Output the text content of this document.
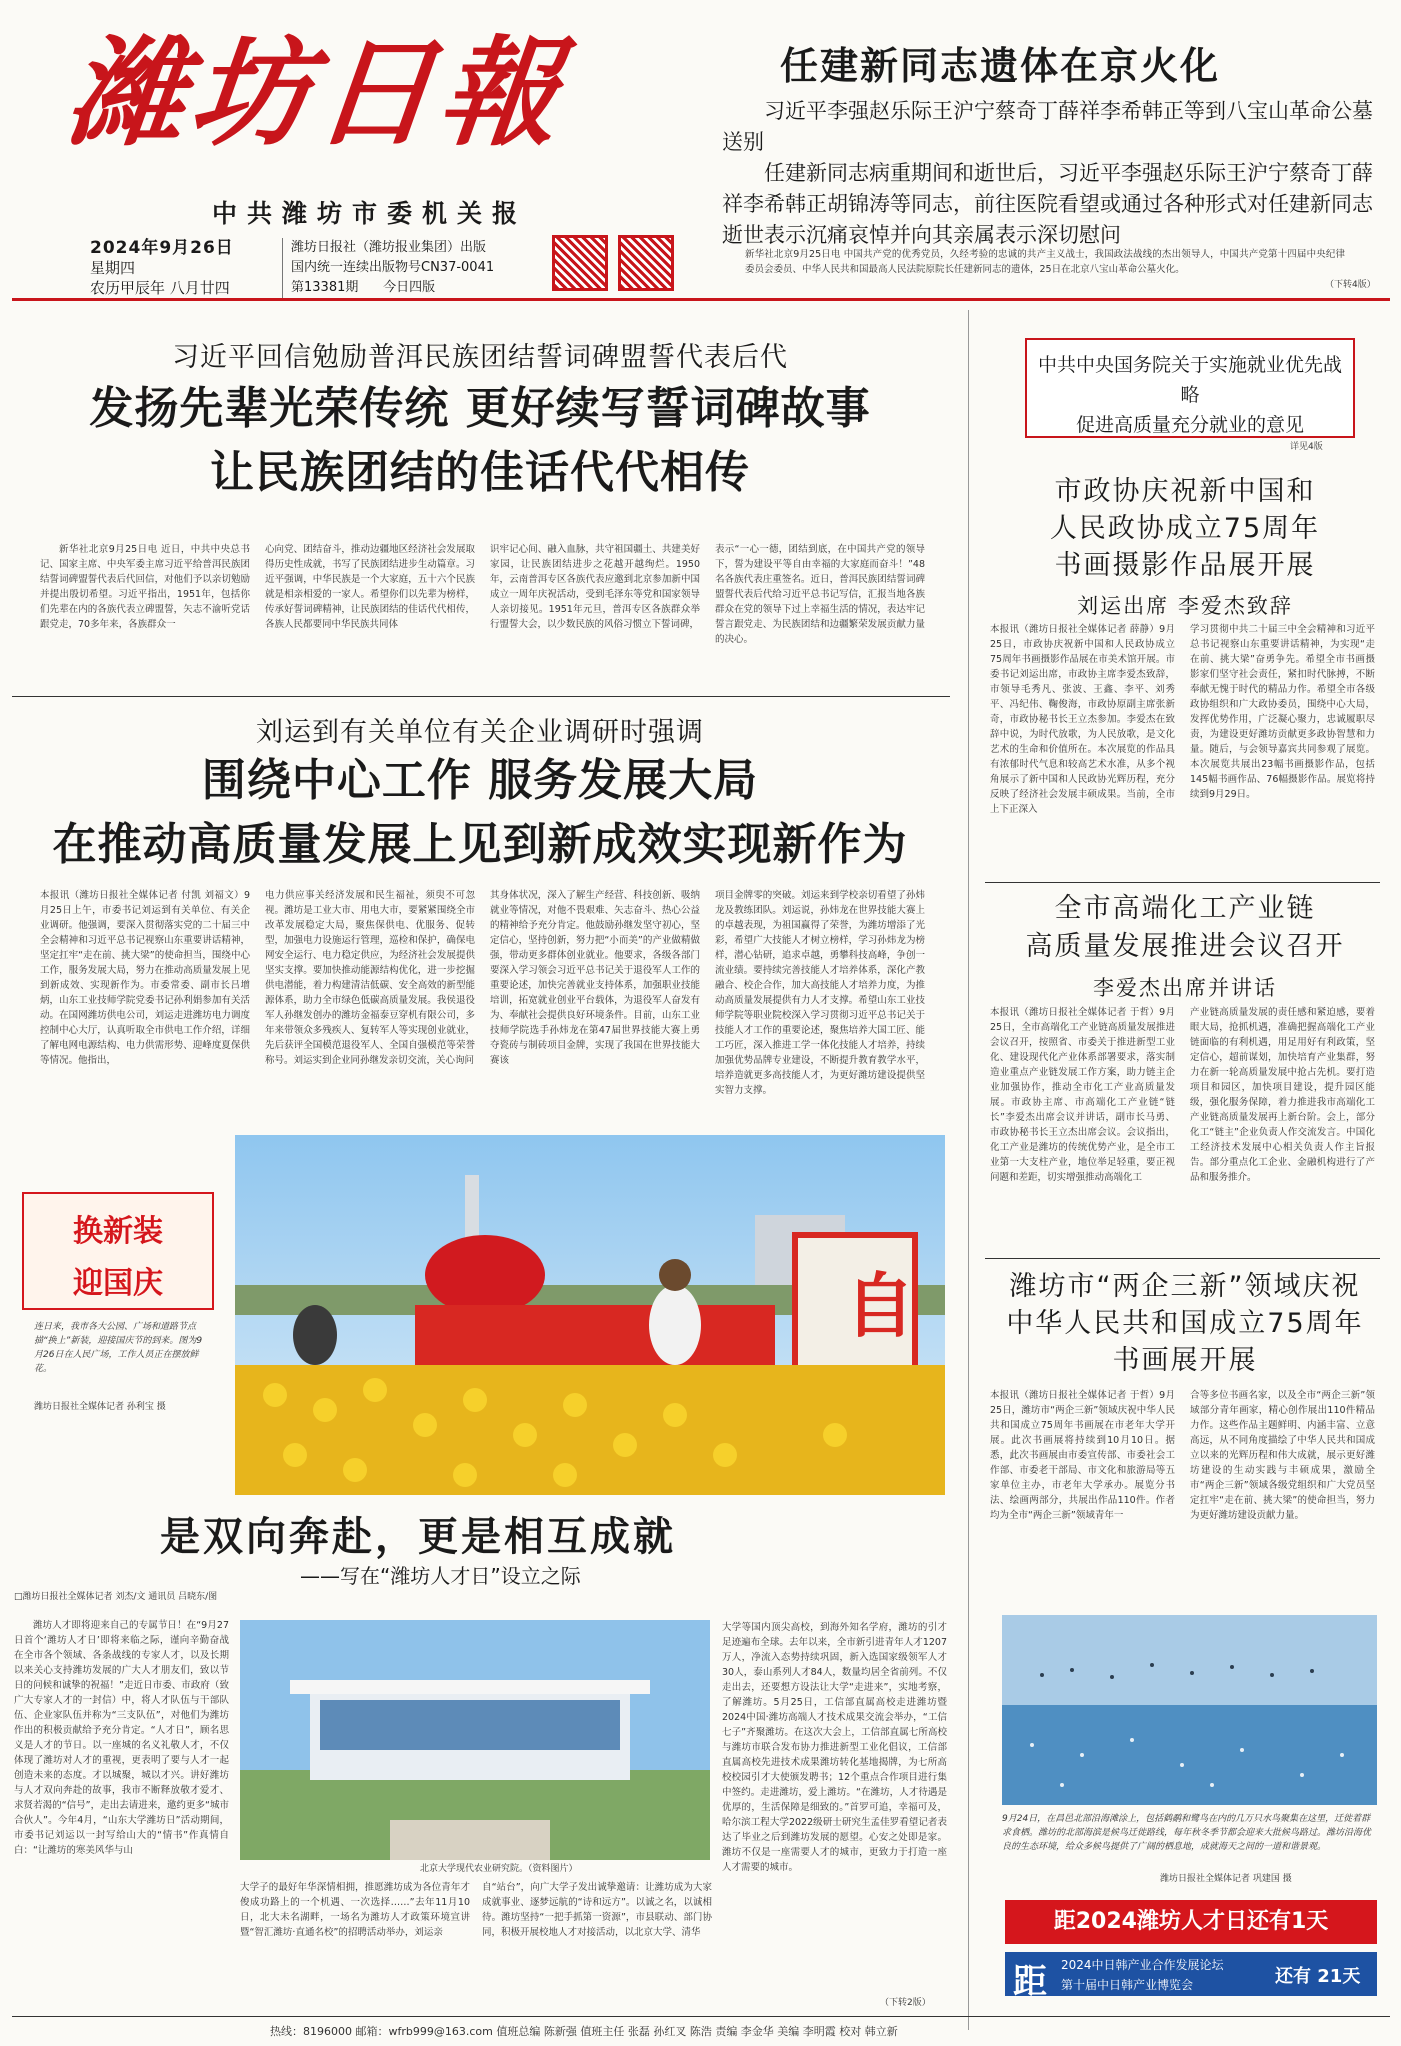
濰坊日報
中共潍坊市委机关报
2024年9月26日
星期四
农历甲辰年 八月廿四
潍坊日报社（潍坊报业集团）出版
国内统一连续出版物号CN37-0041
第13381期 今日四版
任建新同志遗体在京火化
习近平李强赵乐际王沪宁蔡奇丁薛祥李希韩正等到八宝山革命公墓送别
任建新同志病重期间和逝世后，习近平李强赵乐际王沪宁蔡奇丁薛祥李希韩正胡锦涛等同志，前往医院看望或通过各种形式对任建新同志逝世表示沉痛哀悼并向其亲属表示深切慰问
新华社北京9月25日电 中国共产党的优秀党员，久经考验的忠诚的共产主义战士，我国政法战线的杰出领导人，中国共产党第十四届中央纪律委员会委员、中华人民共和国最高人民法院原院长任建新同志的遗体，25日在北京八宝山革命公墓火化。
（下转4版）
习近平回信勉励普洱民族团结誓词碑盟誓代表后代
发扬先辈光荣传统 更好续写誓词碑故事
让民族团结的佳话代代相传
新华社北京9月25日电 近日，中共中央总书记、国家主席、中央军委主席习近平给普洱民族团结誓词碑盟誓代表后代回信，对他们予以亲切勉励并提出殷切希望。习近平指出，1951年，包括你们先辈在内的各族代表立碑盟誓，矢志不渝听党话跟党走，70多年来，各族群众一
心向党、团结奋斗，推动边疆地区经济社会发展取得历史性成就，书写了民族团结进步生动篇章。习近平强调，中华民族是一个大家庭，五十六个民族就是相亲相爱的一家人。希望你们以先辈为榜样，传承好誓词碑精神，让民族团结的佳话代代相传，各族人民都要同中华民族共同体
识牢记心间、融入血脉，共守祖国疆土、共建美好家园，让民族团结进步之花越开越绚烂。1950年，云南普洱专区各族代表应邀到北京参加新中国成立一周年庆祝活动，受到毛泽东等党和国家领导人亲切接见。1951年元旦，普洱专区各族群众举行盟誓大会，以少数民族的风俗习惯立下誓词碑，
表示“一心一德，团结到底，在中国共产党的领导下，誓为建设平等自由幸福的大家庭而奋斗！”48名各族代表庄重签名。近日，普洱民族团结誓词碑盟誓代表后代给习近平总书记写信，汇报当地各族群众在党的领导下过上幸福生活的情况，表达牢记誓言跟党走、为民族团结和边疆繁荣发展贡献力量的决心。
刘运到有关单位有关企业调研时强调
围绕中心工作 服务发展大局
在推动高质量发展上见到新成效实现新作为
本报讯（潍坊日报社全媒体记者 付凯 刘福文）9月25日上午，市委书记刘运到有关单位、有关企业调研。他强调，要深入贯彻落实党的二十届三中全会精神和习近平总书记视察山东重要讲话精神，坚定扛牢“走在前、挑大梁”的使命担当，围绕中心工作，服务发展大局，努力在推动高质量发展上见到新成效、实现新作为。市委常委、副市长吕增炳，山东工业技师学院党委书记孙利娟参加有关活动。在国网潍坊供电公司，刘运走进潍坊电力调度控制中心大厅，认真听取全市供电工作介绍，详细了解电网电源结构、电力供需形势、迎峰度夏保供等情况。他指出，
电力供应事关经济发展和民生福祉，须臾不可忽视。潍坊是工业大市、用电大市，要紧紧围绕全市改革发展稳定大局，聚焦保供电、优服务、促转型，加强电力设施运行管理，巡检和保护，确保电网安全运行、电力稳定供应，为经济社会发展提供坚实支撑。要加快推动能源结构优化，进一步挖掘供电潜能，着力构建清洁低碳、安全高效的新型能源体系，助力全市绿色低碳高质量发展。我侯退役军人孙继发创办的潍坊金福泰豆穿机有限公司，多年来带领众多残疾人、复转军人等实现创业就业，先后获评全国模范退役军人、全国自强模范等荣誉称号。刘运实到企业同孙继发亲切交流，关心询问
其身体状况，深入了解生产经营、科技创新、吸纳就业等情况，对他不畏艰难、矢志奋斗、热心公益的精神给予充分肯定。他鼓励孙继发坚守初心，坚定信心，坚持创新，努力把“小而美”的产业做精做强，带动更多群体创业就业。他要求，各级各部门要深入学习领会习近平总书记关于退役军人工作的重要论述，加快完善就业支持体系，加强职业技能培训，拓宽就业创业平台载体，为退役军人奋发有为、奉献社会提供良好环境条件。目前，山东工业技师学院选手孙炜龙在第47届世界技能大赛上勇夺瓷砖与制砖项目金牌，实现了我国在世界技能大赛该
项目金牌零的突破。刘运来到学校亲切看望了孙炜龙及教练团队。刘运说，孙炜龙在世界技能大赛上的卓越表现，为祖国赢得了荣誉，为潍坊增添了光彩，希望广大技能人才树立榜样，学习孙炜龙为榜样，潜心钻研，追求卓越，勇攀科技高峰，争创一流业绩。要持续完善技能人才培养体系，深化产教融合、校企合作，加大高技能人才培养力度，为推动高质量发展提供有力人才支撑。希望山东工业技师学院等职业院校深入学习贯彻习近平总书记关于技能人才工作的重要论述，聚焦培养大国工匠、能工巧匠，深入推进工学一体化技能人才培养，持续加强优势品牌专业建设，不断提升教育教学水平，培养造就更多高技能人才，为更好潍坊建设提供坚实智力支撑。
换新装
迎国庆
连日来，我市各大公园、广场和道路节点描“换上”新装，迎接国庆节的到来。图为9月26日在人民广场，工作人员正在摆放鲜花。
潍坊日报社全媒体记者 孙利宝 摄
自
是双向奔赴，更是相互成就
——写在“潍坊人才日”设立之际
□潍坊日报社全媒体记者 刘杰/文 通讯员 吕晓东/图
潍坊人才即将迎来自己的专属节日！在“9月27日首个‘潍坊人才日’即将来临之际，谨向辛勤奋战在全市各个领域、各条战线的专家人才，以及长期以来关心支持潍坊发展的广大人才朋友们，致以节日的问候和诚挚的祝福！”走近日市委、市政府（致广大专家人才的一封信）中，将人才队伍与干部队伍、企业家队伍并称为“三支队伍”，对他们为潍坊作出的积极贡献给予充分肯定。“人才日”，顾名思义是人才的节日。以一座城的名义礼敬人才，不仅体现了潍坊对人才的重视，更表明了要与人才一起创造未来的态度。才以城聚，城以才兴。讲好潍坊与人才双向奔赴的故事，我市不断释放敬才爱才、求贤若渴的“信号”，走出去请进来，邀约更多“城市合伙人”。今年4月，“山东大学潍坊日”活动期间，市委书记刘运以一封写给山大的“情书”作真情自白：“让潍坊的寒美风华与山
北京大学现代农业研究院。（资料图片）
大学子的最好年华深情相拥，推愿潍坊成为各位青年才俊成功路上的一个机遇、一次选择……”去年11月10日，北大未名湖畔，一场名为潍坊人才政策环境宣讲暨“智汇潍坊·直通名校”的招聘活动举办，刘运亲
自“站台”，向广大学子发出诚挚邀请：让潍坊成为大家成就事业、逐梦远航的“诗和远方”。以诚之名，以诚相待。潍坊坚持“一把手抓第一资源”，市县联动、部门协同，积极开展校地人才对接活动，以北京大学、清华
大学等国内顶尖高校，到海外知名学府，潍坊的引才足迹遍布全球。去年以来，全市新引进青年人才1207万人，净流入态势持续巩固，新入选国家级领军人才30人，泰山系列人才84人，数量均居全省前列。不仅走出去，还要想方设法让大学“走进来”，实地考察，了解潍坊。5月25日，工信部直属高校走进潍坊暨2024中国·潍坊高端人才技术成果交流会举办，“工信七子”齐聚潍坊。在这次大会上，工信部直属七所高校与潍坊市联合发布协力推进新型工业化倡议，工信部直属高校先进技术成果潍坊转化基地揭牌，为七所高校校园引才大使颁发聘书；12个重点合作项目进行集中签约。走进潍坊，爱上潍坊。“在潍坊，人才待遇是优厚的，生活保障是细致的。”首罗可追，幸福可及，哈尔滨工程大学2022级研士研究生孟佳罗看望记者表达了毕业之后到潍坊发展的愿望。心安之处即是家。潍坊不仅是一座需要人才的城市，更致力于打造一座人才需要的城市。
（下转2版）
中共中央国务院关于实施就业优先战略
促进高质量充分就业的意见
详见4版
市政协庆祝新中国和
人民政协成立75周年
书画摄影作品展开展
刘运出席 李爱杰致辞
本报讯（潍坊日报社全媒体记者 薛静）9月25日，市政协庆祝新中国和人民政协成立75周年书画摄影作品展在市美术馆开展。市委书记刘运出席，市政协主席李爱杰致辞，市领导毛秀凡、张波、王鑫、李平、刘秀平、冯纪伟、鞠俊海，市政协原副主席张新奇，市政协秘书长王立杰参加。李爱杰在致辞中说，为时代放歌，为人民放歌，是文化艺术的生命和价值所在。本次展览的作品具有浓郁时代气息和较高艺术水准，从多个视角展示了新中国和人民政协光辉历程，充分反映了经济社会发展丰硕成果。当前，全市上下正深入
学习贯彻中共二十届三中全会精神和习近平总书记视察山东重要讲话精神，为实现“走在前、挑大梁”奋勇争先。希望全市书画摄影家们坚守社会责任，紧扣时代脉搏，不断奉献无愧于时代的精品力作。希望全市各级政协组织和广大政协委员，围绕中心大局，发挥优势作用，广泛凝心聚力，忠诚履职尽责，为建设更好潍坊贡献更多政协智慧和力量。随后，与会领导嘉宾共同参观了展览。本次展览共展出23幅书画摄影作品，包括145幅书画作品、76幅摄影作品。展览将持续到9月29日。
全市高端化工产业链
高质量发展推进会议召开
李爱杰出席并讲话
本报讯（潍坊日报社全媒体记者 于哲）9月25日，全市高端化工产业链高质量发展推进会议召开，按照省、市委关于推进新型工业化、建设现代化产业体系部署要求，落实制造业重点产业链发展工作方案，助力链主企业加强协作，推动全市化工产业高质量发展。市政协主席、市高端化工产业链“链长”李爱杰出席会议并讲话，副市长马勇、市政协秘书长王立杰出席会议。会议指出，化工产业是潍坊的传统优势产业，是全市工业第一大支柱产业，地位举足轻重，要正视问题和差距，切实增强推动高端化工
产业链高质量发展的责任感和紧迫感，要着眼大局，抢抓机遇，准确把握高端化工产业链面临的有利机遇，用足用好有利政策，坚定信心，超前谋划，加快培育产业集群，努力在新一轮高质量发展中抢占先机。要打造项目和园区，加快项目建设，提升园区能级，强化服务保障，着力推进我市高端化工产业链高质量发展再上新台阶。会上，部分化工“链主”企业负责人作交流发言。中国化工经济技术发展中心相关负责人作主旨报告。部分重点化工企业、金融机构进行了产品和服务推介。
潍坊市“两企三新”领域庆祝
中华人民共和国成立75周年
书画展开展
本报讯（潍坊日报社全媒体记者 于哲）9月25日，潍坊市“两企三新”领域庆祝中华人民共和国成立75周年书画展在市老年大学开展。此次书画展将持续到10月10日。据悉，此次书画展由市委宣传部、市委社会工作部、市委老干部局、市文化和旅游局等五家单位主办，市老年大学承办。展览分书法、绘画两部分，共展出作品110件。作者均为全市“两企三新”领域青年一
合等多位书画名家，以及全市“两企三新”领域部分青年画家，精心创作展出110件精品力作。这些作品主题鲜明、内涵丰富、立意高远，从不同角度描绘了中华人民共和国成立以来的光辉历程和伟大成就，展示更好潍坊建设的生动实践与丰硕成果，激励全市“两企三新”领域各级党组织和广大党员坚定扛牢“走在前、挑大梁”的使命担当，努力为更好潍坊建设贡献力量。
9月24日，在昌邑北部沿海滩涂上，包括鹤鹬和鹭鸟在内的几万只水鸟聚集在这里，迁徙着群求食栖。潍坊的北部海滨是候鸟迁徙路线，每年秋冬季节都会迎来大批候鸟路过。潍坊沿海优良的生态环境，给众多候鸟提供了广阔的栖息地，成就海天之间的一道和谐景观。
潍坊日报社全媒体记者 巩建国 摄
距2024潍坊人才日还有1天
距 2024中日韩产业合作发展论坛
第十届中日韩产业博览会	还有 21天
热线：8196000 邮箱：wfrb999@163.com 值班总编 陈新强 值班主任 张磊 孙红叉 陈浩 责编 李金华 美编 李明霞 校对 韩立新
